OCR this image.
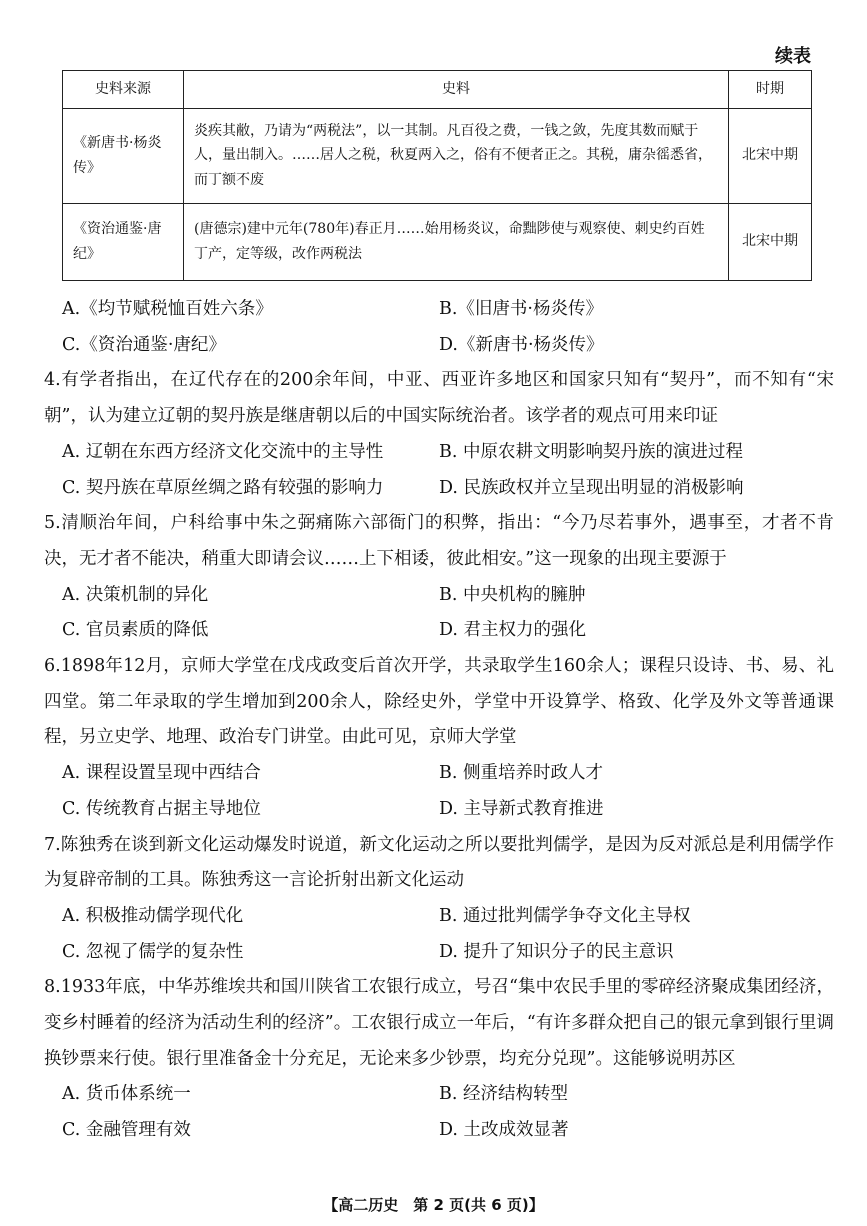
续表
史料来源	史料	时期
《新唐书·杨炎传》	炎疾其敝，乃请为“两税法”，以一其制。凡百役之费，一钱之敛，先度其数而赋于人，量出制入。……居人之税，秋夏两入之，俗有不便者正之。其税，庸杂徭悉省，而丁额不废	北宋中期
《资治通鉴·唐纪》	(唐德宗)建中元年(780年)春正月……始用杨炎议，命黜陟使与观察使、刺史约百姓丁产，定等级，改作两税法	北宋中期
A.《均节赋税恤百姓六条》	B.《旧唐书·杨炎传》
C.《资治通鉴·唐纪》	D.《新唐书·杨炎传》

4.有学者指出，在辽代存在的200余年间，中亚、西亚许多地区和国家只知有“契丹”，而不知有“宋朝”，认为建立辽朝的契丹族是继唐朝以后的中国实际统治者。该学者的观点可用来印证

A. 辽朝在东西方经济文化交流中的主导性	B. 中原农耕文明影响契丹族的演进过程
C. 契丹族在草原丝绸之路有较强的影响力	D. 民族政权并立呈现出明显的消极影响

5.清顺治年间，户科给事中朱之弼痛陈六部衙门的积弊，指出：“今乃尽若事外，遇事至，才者不肯决，无才者不能决，稍重大即请会议……上下相诿，彼此相安。”这一现象的出现主要源于

A. 决策机制的异化	B. 中央机构的臃肿
C. 官员素质的降低	D. 君主权力的强化

6.1898年12月，京师大学堂在戊戌政变后首次开学，共录取学生160余人；课程只设诗、书、易、礼四堂。第二年录取的学生增加到200余人，除经史外，学堂中开设算学、格致、化学及外文等普通课程，另立史学、地理、政治专门讲堂。由此可见，京师大学堂

A. 课程设置呈现中西结合	B. 侧重培养时政人才
C. 传统教育占据主导地位	D. 主导新式教育推进

7.陈独秀在谈到新文化运动爆发时说道，新文化运动之所以要批判儒学，是因为反对派总是利用儒学作为复辟帝制的工具。陈独秀这一言论折射出新文化运动

A. 积极推动儒学现代化	B. 通过批判儒学争夺文化主导权
C. 忽视了儒学的复杂性	D. 提升了知识分子的民主意识

8.1933年底，中华苏维埃共和国川陕省工农银行成立，号召“集中农民手里的零碎经济聚成集团经济，变乡村睡着的经济为活动生利的经济”。工农银行成立一年后，“有许多群众把自己的银元拿到银行里调换钞票来行使。银行里准备金十分充足，无论来多少钞票，均充分兑现”。这能够说明苏区

A. 货币体系统一	B. 经济结构转型
C. 金融管理有效	D. 土改成效显著
【高二历史　第 2 页(共 6 页)】
